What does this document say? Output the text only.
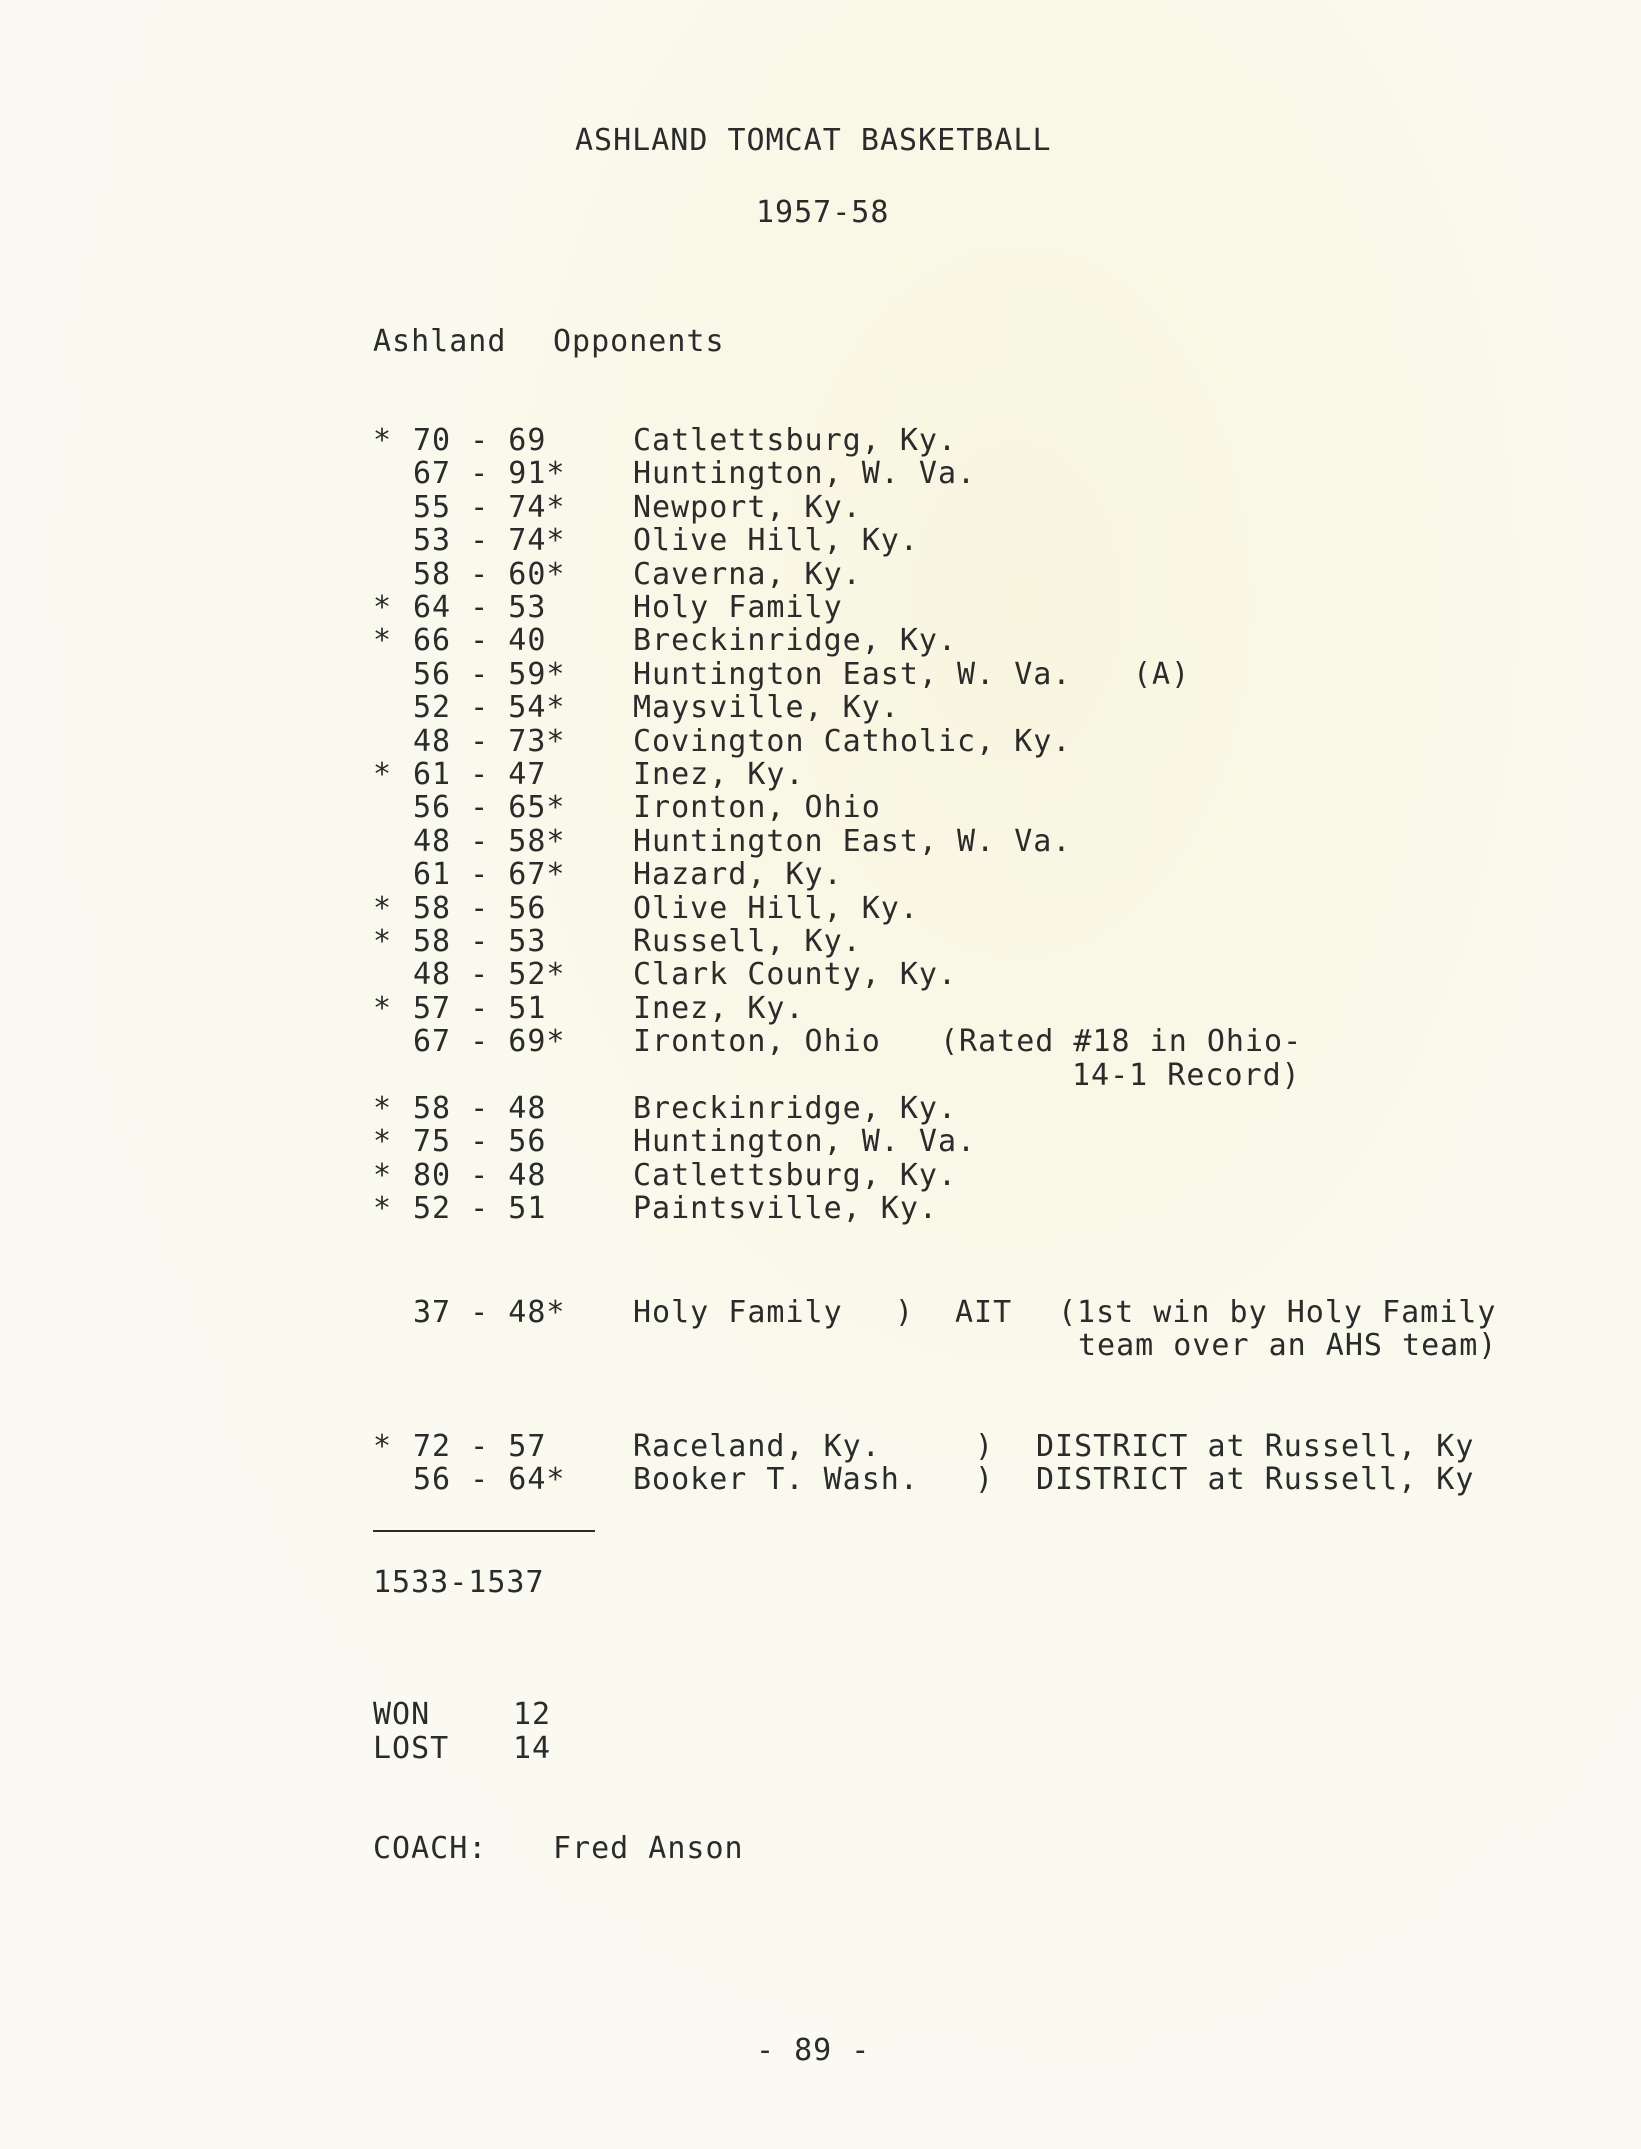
ASHLAND TOMCAT BASKETBALL
1957-58
Ashland Opponents
* 70 - 69	Catlettsburg, Ky.
67 - 91* Huntington, W. Va.
55 - 74* Newport, Ky.
53 - 74* Olive Hill, Ky.
58 - 60* Caverna, Ky.
* 64 - 53	Holy Family
* 66 - 40	Breckinridge, Ky.
56 - 59* Huntington East, W. Va. (A)
52 - 54* Maysville, Ky.
48 - 73* Covington Catholic, Ky.
* 61 - 47	Inez, Ky.
56 - 65* Ironton, Ohio
48 - 58* Huntington East, W. Va.
61 - 67* Hazard, Ky.
* 58 - 56	Olive Hill, Ky.
* 58 - 53	Russell, Ky.
48 - 52* Clark County, Ky.
* 57 - 51	Inez, Ky.
67 - 69* Ironton, Ohio (Rated #18 in Ohio-
14-1 Record)
* 58 - 48	Breckinridge, Ky.
* 75 - 56	Huntington, W. Va.
* 80 - 48	Catlettsburg, Ky.
* 52 - 51	Paintsville, Ky.
37 - 48* Holy Family ) AIT (1st win by Holy Family
team over an AHS team)
* 72 - 57	Raceland, Ky.	) DISTRICT at Russell, Ky
56 - 64* Booker T. Wash. ) DISTRICT at Russell, Ky
1533-1537
WON	12
LOST 14
COACH: Fred Anson
- 89 -
